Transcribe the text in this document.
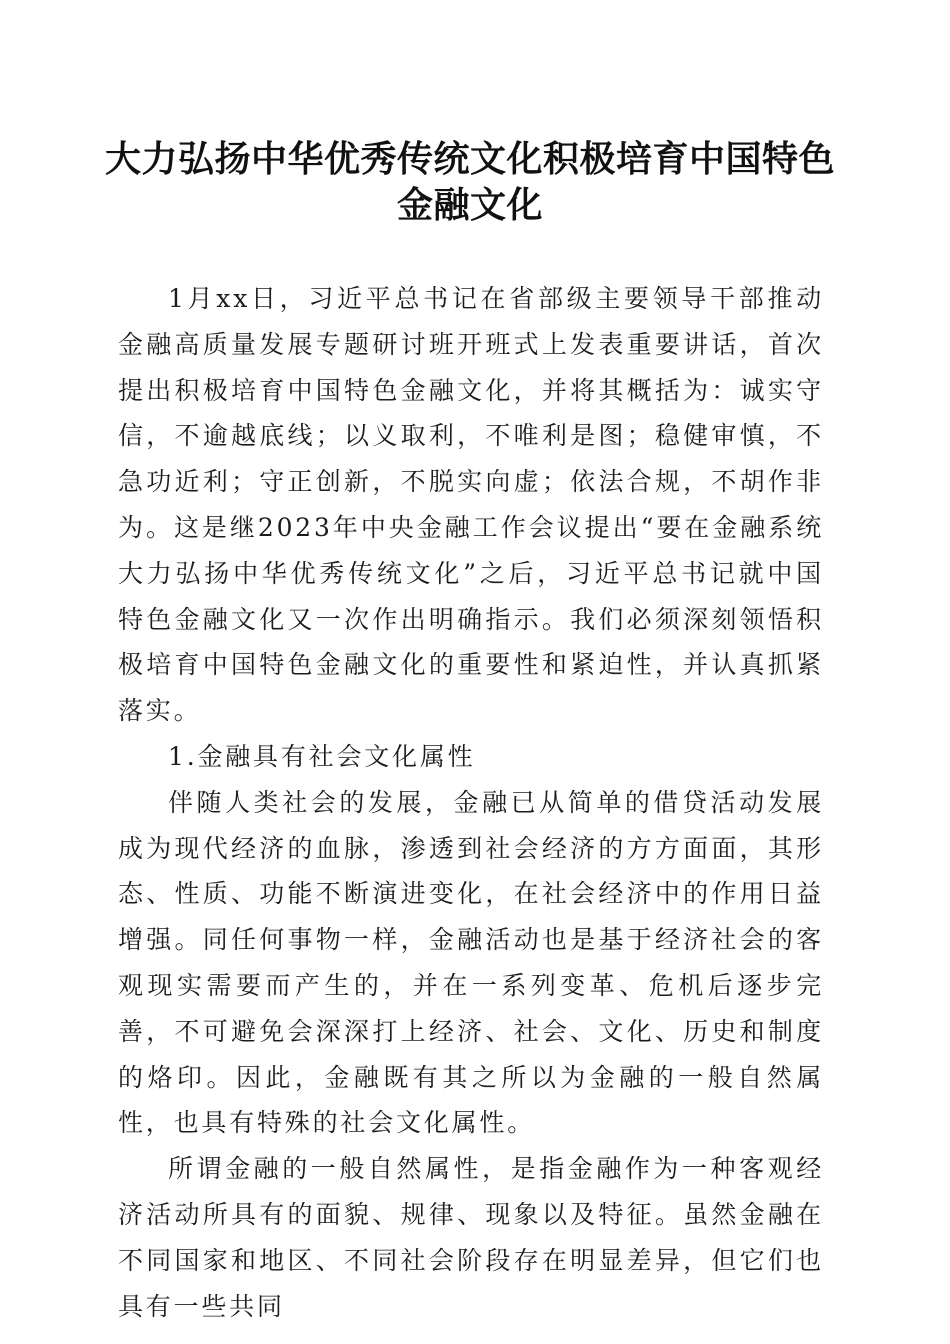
大力弘扬中华优秀传统文化积极培育中国特色
金融文化

1月xx日，习近平总书记在省部级主要领导干部推动金融高质量发展专题研讨班开班式上发表重要讲话，首次提出积极培育中国特色金融文化，并将其概括为：诚实守信，不逾越底线；以义取利，不唯利是图；稳健审慎，不急功近利；守正创新，不脱实向虚；依法合规，不胡作非为。这是继2023年中央金融工作会议提出“要在金融系统大力弘扬中华优秀传统文化”之后，习近平总书记就中国特色金融文化又一次作出明确指示。我们必须深刻领悟积极培育中国特色金融文化的重要性和紧迫性，并认真抓紧落实。

1.金融具有社会文化属性

伴随人类社会的发展，金融已从简单的借贷活动发展成为现代经济的血脉，渗透到社会经济的方方面面，其形态、性质、功能不断演进变化，在社会经济中的作用日益增强。同任何事物一样，金融活动也是基于经济社会的客观现实需要而产生的，并在一系列变革、危机后逐步完善，不可避免会深深打上经济、社会、文化、历史和制度的烙印。因此，金融既有其之所以为金融的一般自然属性，也具有特殊的社会文化属性。

所谓金融的一般自然属性，是指金融作为一种客观经济活动所具有的面貌、规律、现象以及特征。虽然金融在不同国家和地区、不同社会阶段存在明显差异，但它们也具有一些共同
